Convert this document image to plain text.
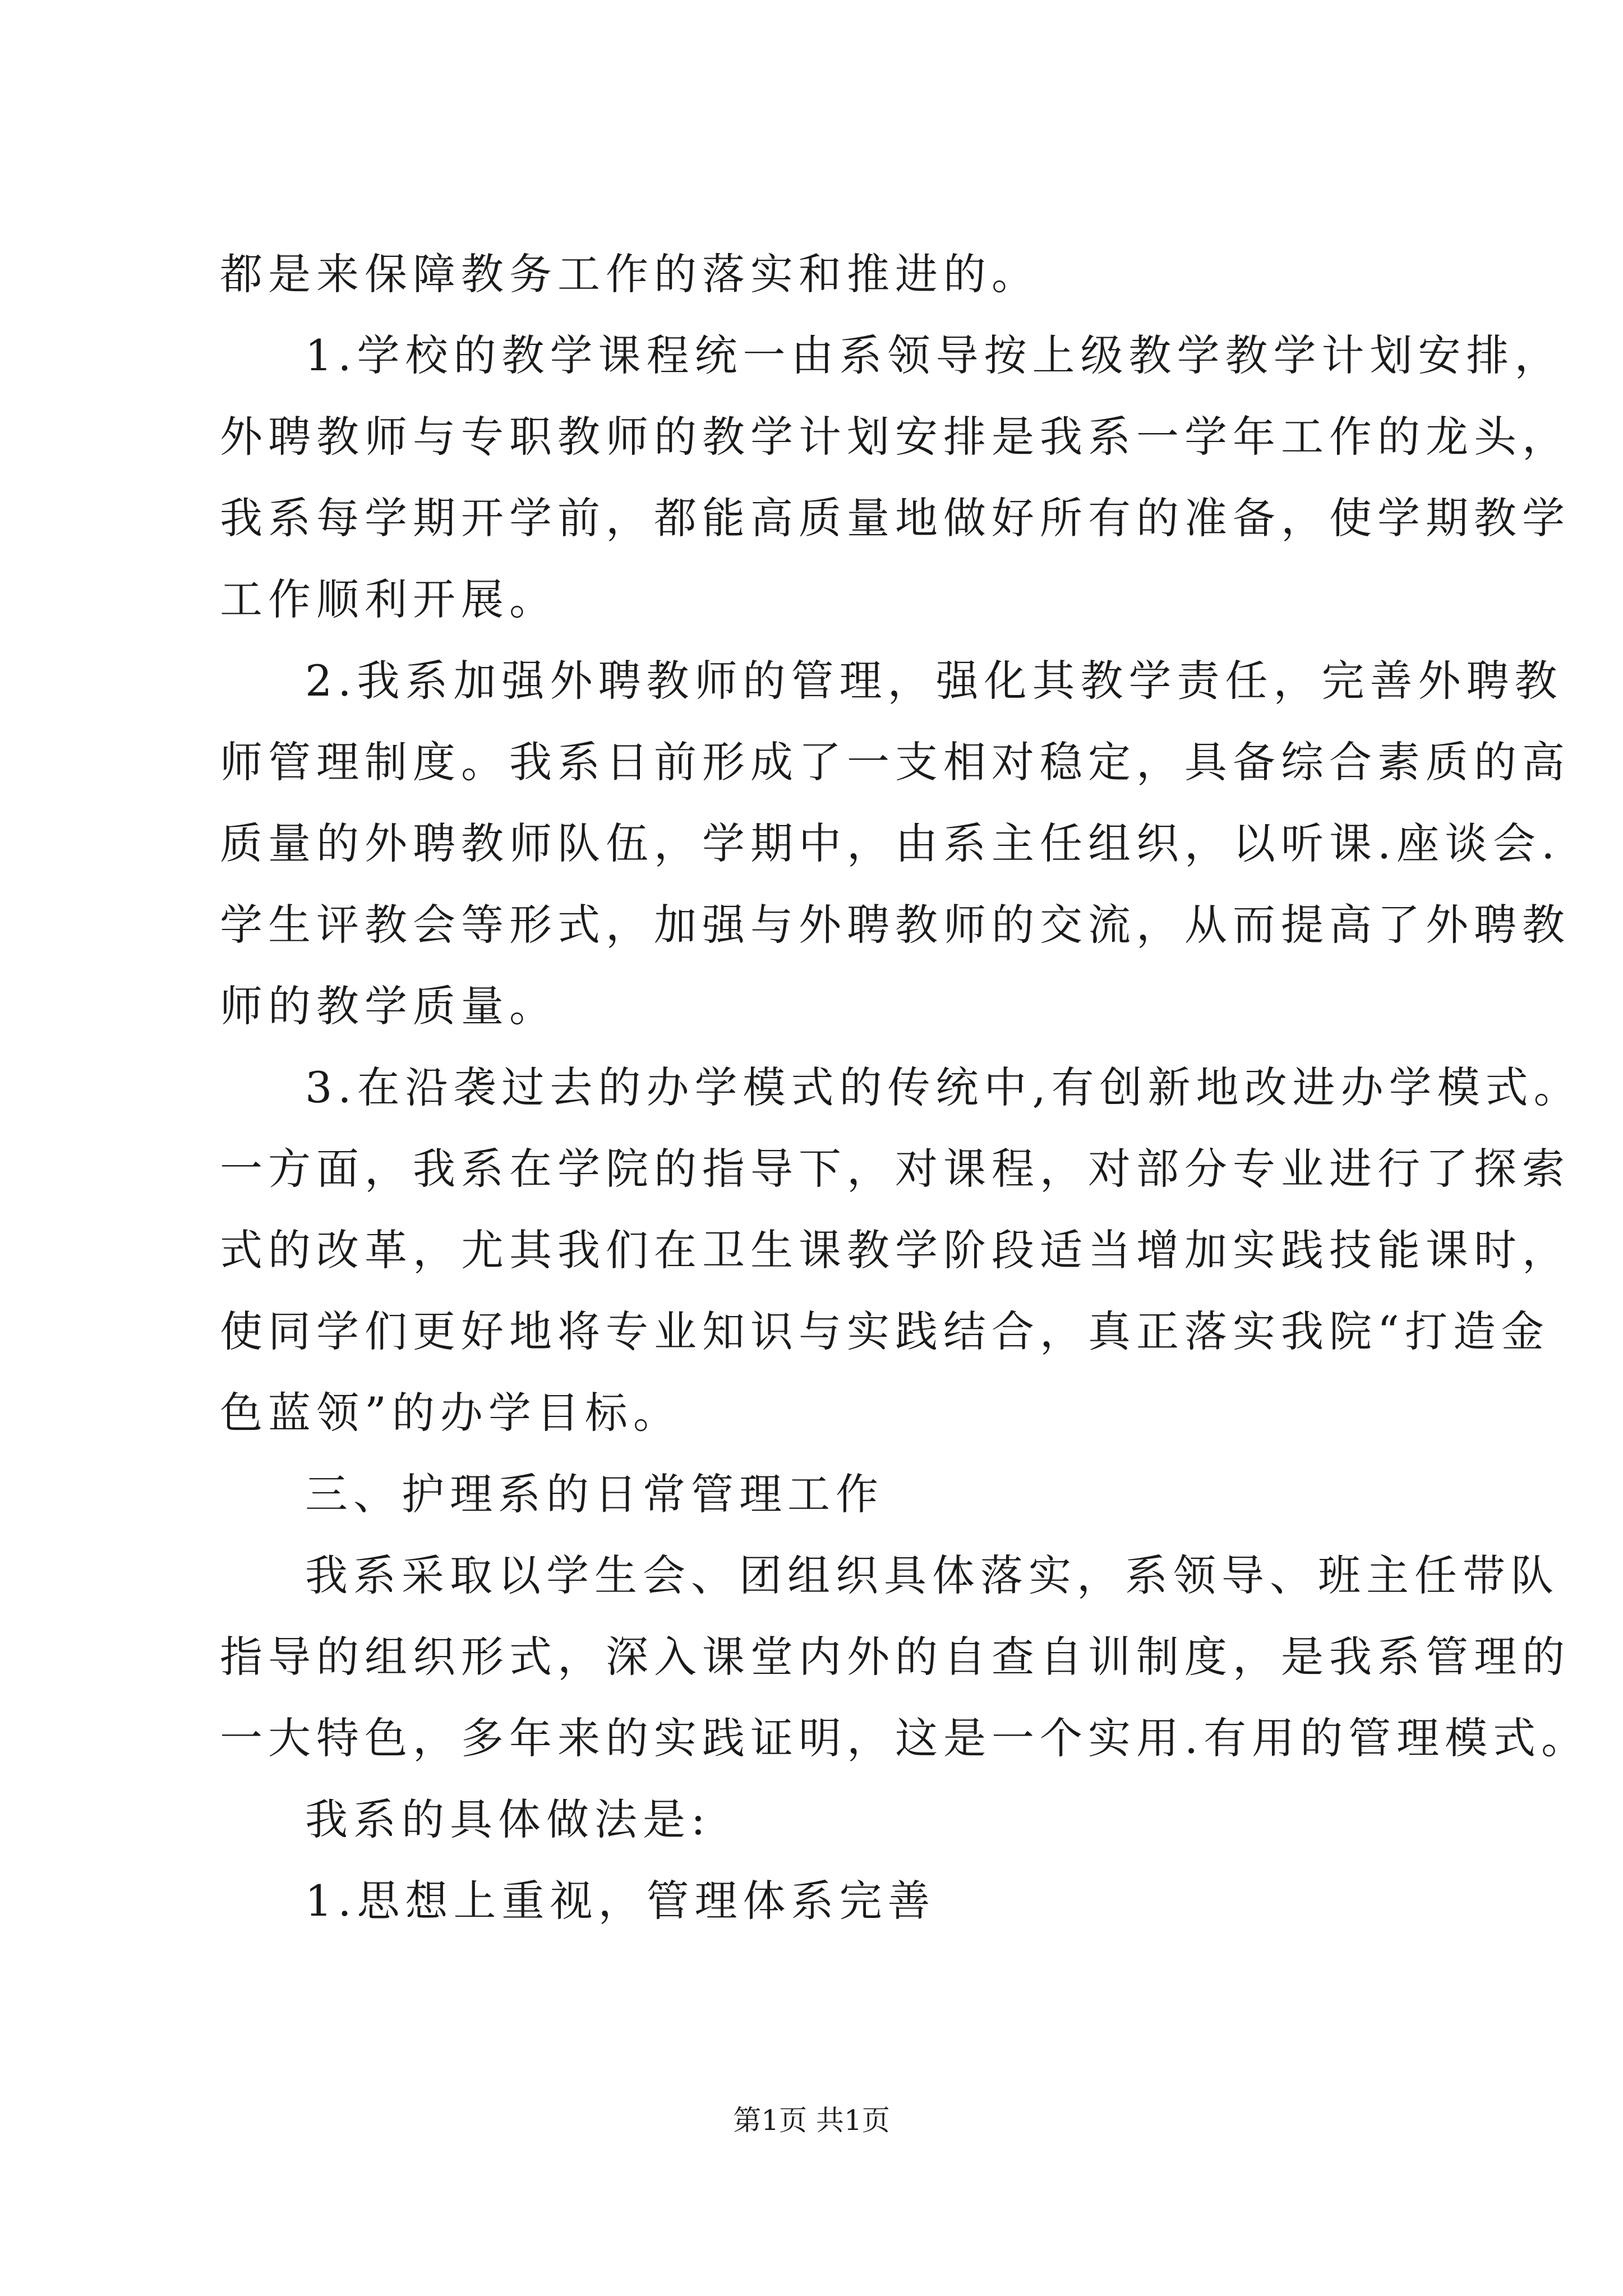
都是来保障教务工作的落实和推进的。
1.学校的教学课程统一由系领导按上级教学教学计划安排，
外聘教师与专职教师的教学计划安排是我系一学年工作的龙头，
我系每学期开学前，都能高质量地做好所有的准备，使学期教学
工作顺利开展。
2.我系加强外聘教师的管理，强化其教学责任，完善外聘教
师管理制度。我系日前形成了一支相对稳定，具备综合素质的高
质量的外聘教师队伍，学期中，由系主任组织，以听课.座谈会.
学生评教会等形式，加强与外聘教师的交流，从而提高了外聘教
师的教学质量。
3.在沿袭过去的办学模式的传统中,有创新地改进办学模式。
一方面，我系在学院的指导下，对课程，对部分专业进行了探索
式的改革，尤其我们在卫生课教学阶段适当增加实践技能课时，
使同学们更好地将专业知识与实践结合，真正落实我院“打造金
色蓝领”的办学目标。
三、护理系的日常管理工作
我系采取以学生会、团组织具体落实，系领导、班主任带队
指导的组织形式，深入课堂内外的自查自训制度，是我系管理的
一大特色，多年来的实践证明，这是一个实用.有用的管理模式。
我系的具体做法是:
1.思想上重视，管理体系完善
第1页 共1页
